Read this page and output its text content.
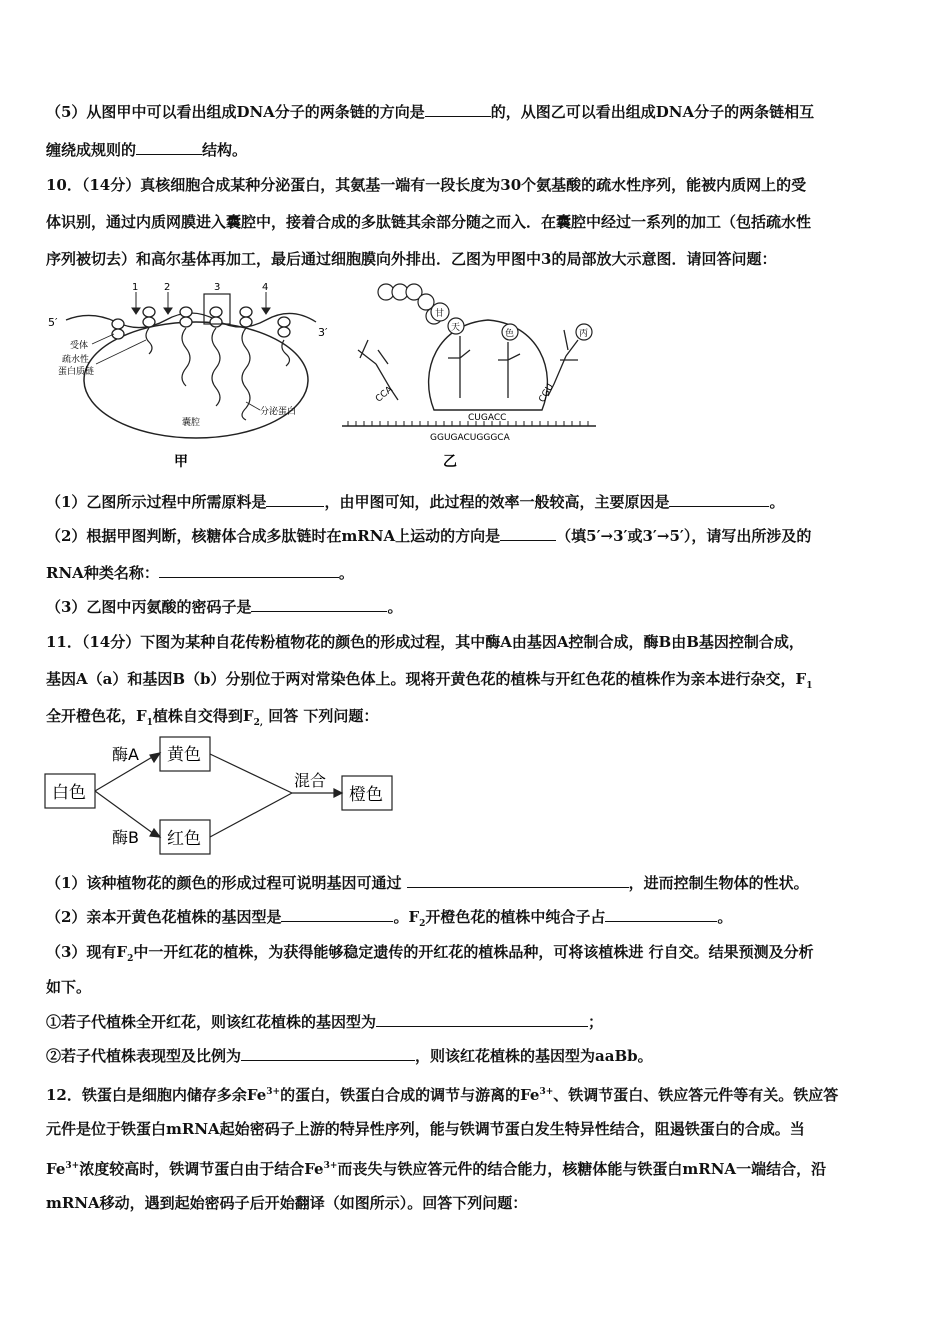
（5）从图甲中可以看出组成DNA分子的两条链的方向是	的，从图乙可以看出组成DNA分子的两条链相互
缠绕成规则的	结构。
10．（14分）真核细胞合成某种分泌蛋白，其氨基一端有一段长度为30个氨基酸的疏水性序列，能被内质网上的受
体识别，通过内质网膜进入囊腔中，接着合成的多肽链其余部分随之而入．在囊腔中经过一系列的加工（包括疏水性
序列被切去）和高尔基体再加工，最后通过细胞膜向外排出．乙图为甲图中3的局部放大示意图．请回答问题：
5′
3′
1	2	3	4
受体
疏水性
蛋白质链
囊腔
分泌蛋白
甲
甘
天
色	丙
CCA
CUGACC
CGU
GGUGACUGGGCA
乙
（1）乙图所示过程中所需原料是	，由甲图可知，此过程的效率一般较高，主要原因是	。
（2）根据甲图判断，核糖体合成多肽链时在mRNA上运动的方向是	（填5′→3′或3′→5′），请写出所涉及的
RNA种类名称：	。
（3）乙图中丙氨酸的密码子是	。
11．（14分）下图为某种自花传粉植物花的颜色的形成过程，其中酶A由基因A控制合成，酶B由B基因控制合成，
基因A（a）和基因B（b）分别位于两对常染色体上。现将开黄色花的植株与开红色花的植株作为亲本进行杂交，$F_1$
全开橙色花，$F_1$植株自交得到$F_{2,}$ 回答 下列问题：
白色
黄色
红色
橙色
酶A
酶B
混合
（1）该种植物花的颜色的形成过程可说明基因可通过	，进而控制生物体的性状。
（2）亲本开黄色花植株的基因型是	。$F_2$开橙色花的植株中纯合子占	。
（3）现有$F_2$中一开红花的植株，为获得能够稳定遗传的开红花的植株品种，可将该植株进 行自交。结果预测及分析
如下。
①若子代植株全开红花，则该红花植株的基因型为	；
②若子代植株表现型及比例为	，则该红花植株的基因型为aaBb。
12．铁蛋白是细胞内储存多余$Fe^{3+}$的蛋白，铁蛋白合成的调节与游离的$Fe^{3+}$、铁调节蛋白、铁应答元件等有关。铁应答
元件是位于铁蛋白mRNA起始密码子上游的特异性序列，能与铁调节蛋白发生特异性结合，阻遏铁蛋白的合成。当
$Fe^{3+}$浓度较高时，铁调节蛋白由于结合$Fe^{3+}$而丧失与铁应答元件的结合能力，核糖体能与铁蛋白mRNA一端结合，沿
mRNA移动，遇到起始密码子后开始翻译（如图所示）。回答下列问题：
